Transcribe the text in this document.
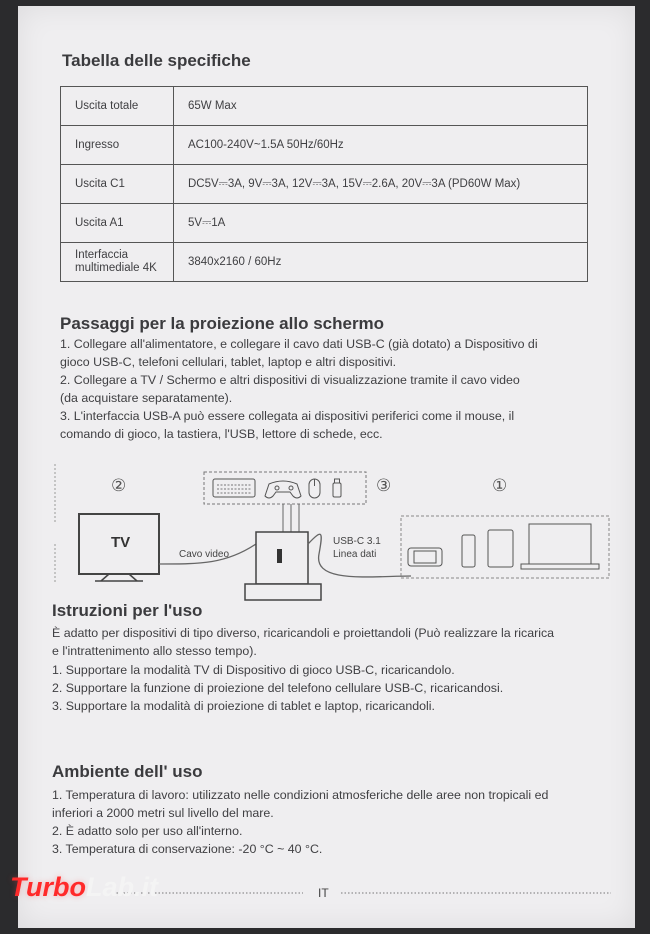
Tabella delle specifiche
Uscita totale	65W Max
Ingresso	AC100-240V~1.5A 50Hz/60Hz
Uscita C1	DC5V⎓3A, 9V⎓3A, 12V⎓3A, 15V⎓2.6A, 20V⎓3A (PD60W Max)
Uscita A1	5V⎓1A
Interfaccia multimediale 4K	3840x2160 / 60Hz
Passaggi per la proiezione allo schermo
1. Collegare all'alimentatore, e collegare il cavo dati USB-C (già dotato) a Dispositivo di
gioco USB-C, telefoni cellulari, tablet, laptop e altri dispositivi.
2. Collegare a TV / Schermo e altri dispositivi di visualizzazione tramite il cavo video
(da acquistare separatamente).
3. L'interfaccia USB-A può essere collegata ai dispositivi periferici come il mouse, il
comando di gioco, la tastiera, l'USB, lettore di schede, ecc.
②	③	①
TV
Cavo video
USB-C 3.1
Linea dati
Istruzioni per l'uso
È adatto per dispositivi di tipo diverso, ricaricandoli e proiettandoli (Può realizzare la ricarica
e l'intrattenimento allo stesso tempo).
1. Supportare la modalità TV di Dispositivo di gioco USB-C, ricaricandolo.
2. Supportare la funzione di proiezione del telefono cellulare USB-C, ricaricandosi.
3. Supportare la modalità di proiezione di tablet e laptop, ricaricandoli.
Ambiente dell' uso
1. Temperatura di lavoro: utilizzato nelle condizioni atmosferiche delle aree non tropicali ed
inferiori a 2000 metri sul livello del mare.
2. È adatto solo per uso all'interno.
3. Temperatura di conservazione: -20 °C ~ 40 °C.
IT
TurboLab.it
